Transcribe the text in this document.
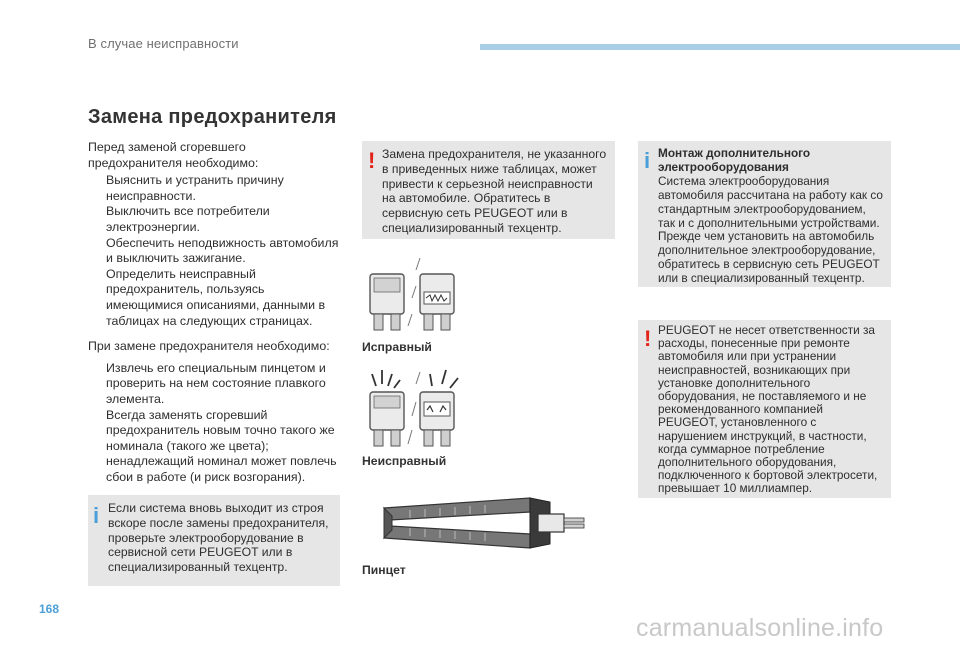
В случае неисправности
Замена предохранителя

Перед заменой сгоревшего предохранителя необходимо:

Выяснить и устранить причину неисправности.
Выключить все потребители электроэнергии.
Обеспечить неподвижность автомобиля и выключить зажигание.
Определить неисправный предохранитель, пользуясь имеющимися описаниями, данными в таблицах на следующих страницах.

При замене предохранителя необходимо:

Извлечь его специальным пинцетом и проверить на нем состояние плавкого элемента.
Всегда заменять сгоревший предохранитель новым точно такого же номинала (такого же цвета); ненадлежащий номинал может повлечь сбои в работе (и риск возгорания).
i Если система вновь выходит из строя вскоре после замены предохранителя, проверьте электрооборудование в сервисной сети PEUGEOT или в специализированный техцентр.
! Замена предохранителя, не указанного в приведенных ниже таблицах, может привести к серьезной неисправности на автомобиле. Обратитесь в сервисную сеть PEUGEOT или в специализированный техцентр.
Исправный
Неисправный
Пинцет
i Монтаж дополнительного электрооборудования
Система электрооборудования автомобиля рассчитана на работу как со стандартным электрооборудованием, так и с дополнительными устройствами. Прежде чем установить на автомобиль дополнительное электрооборудование, обратитесь в сервисную сеть PEUGEOT или в специализированный техцентр.
! PEUGEOT не несет ответственности за расходы, понесенные при ремонте автомобиля или при устранении неисправностей, возникающих при установке дополнительного оборудования, не поставляемого и не рекомендованного компанией PEUGEOT, установленного с нарушением инструкций, в частности, когда суммарное потребление дополнительного оборудования, подключенного к бортовой электросети, превышает 10 миллиампер.
168
carmanualsonline.info
